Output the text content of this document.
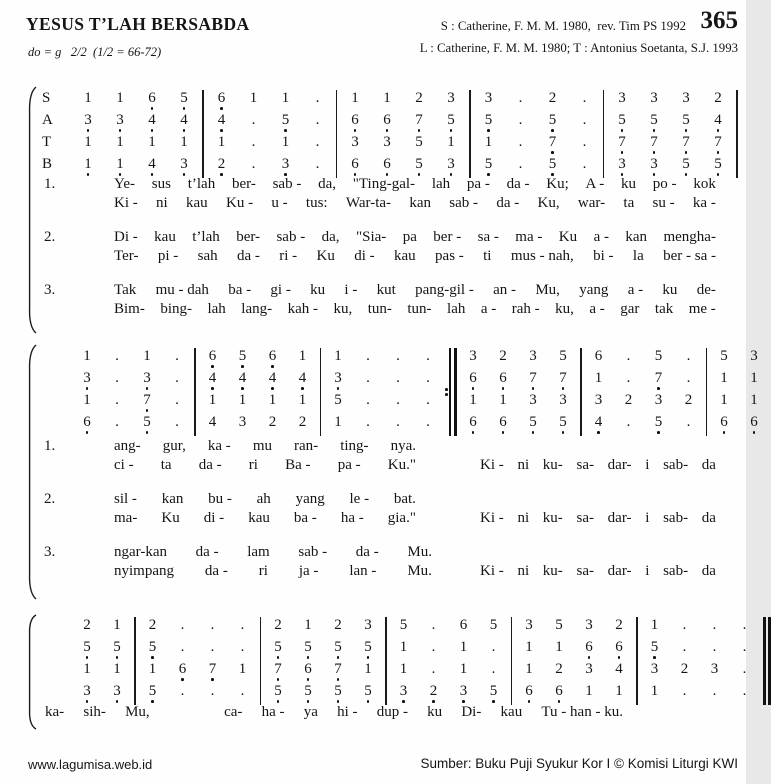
YESUS T’LAH BERSABDA
do = g   2/2  (1/2 = 66-72)
S : Catherine, F. M. M. 1980,  rev. Tim PS 1992
L : Catherine, F. M. M. 1980; T : Antonius Soetanta, S.J. 1993
365
S	1 1 6 5 6 1 1 . 1 1 2 3 3 . 2 . 3 3 3 2
A	3 3 4 4 4 . 5 . 6 6 7 5 5 . 5 . 5 5 5 4
T	1 1 1 1 1 . 1 . 3 3 5 1 1 . 7 . 7 7 7 7
B	1 1 4 3 2 . 3 . 6 6 5 3 5 . 5 . 3 3 5 5
1 . 1 . 6 5 6 1 1 . . .	3 2 3 5 6 . 5 . 5 3
3 . 3 . 4 4 4 4 3 . . .	6 6 7 7 1 . 7 . 1 1
1 . 7 . 1 1 1 1 5 . . .	1 1 3 3 3 2 3 2 1 1
6 . 5 . 4 3 2 2 1 . . .	6 6 5 5 4 . 5 . 6 6
2 1 2 . . . 2 1 2 3 5 . 6 5 3 5 3 2 1 . . .
5 5 5 . . . 5 5 5 5 1 . 1 . 1 1 6 6 5 . . .
1 1 1 6 7 1 7 6 7 1 1 . 1 . 1 2 3 4 3 2 3 .
3 3 5 . . . 5 5 5 5 3 2 3 5 6 6 1 1 1 . . .
1.	Ye- sus t’lah ber- sab - da, "Ting-gal- lah pa - da - Ku; A - ku po - kok
Ki - ni kau Ku - u - tus: War-ta- kan sab - da - Ku, war- ta su - ka -
2.	Di - kau t’lah ber- sab - da, "Sia- pa ber - sa - ma - Ku a - kan mengha-
Ter- pi - sah da - ri - Ku di - kau pas - ti mus - nah, bi - la ber - sa -
3.	Tak mu - dah ba - gi - ku i - kut pang-gil - an - Mu, yang a - ku de-
Bim- bing- lah lang- kah - ku, tun- tun- lah a - rah - ku, a - gar tak me -
1.	ang- gur, ka - mu ran- ting- nya.
ci - ta da - ri Ba - pa - Ku."	Ki - ni ku- sa- dar- i sab- da
2.	sil - kan bu - ah yang le - bat.
ma- Ku di - kau ba - ha - gia."	Ki - ni ku- sa- dar- i sab- da
3.	ngar-kan da - lam sab - da - Mu.
nyimpang da - ri ja - lan - Mu.	Ki - ni ku- sa- dar- i sab- da
ka- sih- Mu,	ca- ha - ya hi - dup - ku Di- kau Tu - han - ku.
www.lagumisa.web.id	Sumber: Buku Puji Syukur Kor I © Komisi Liturgi KWI
